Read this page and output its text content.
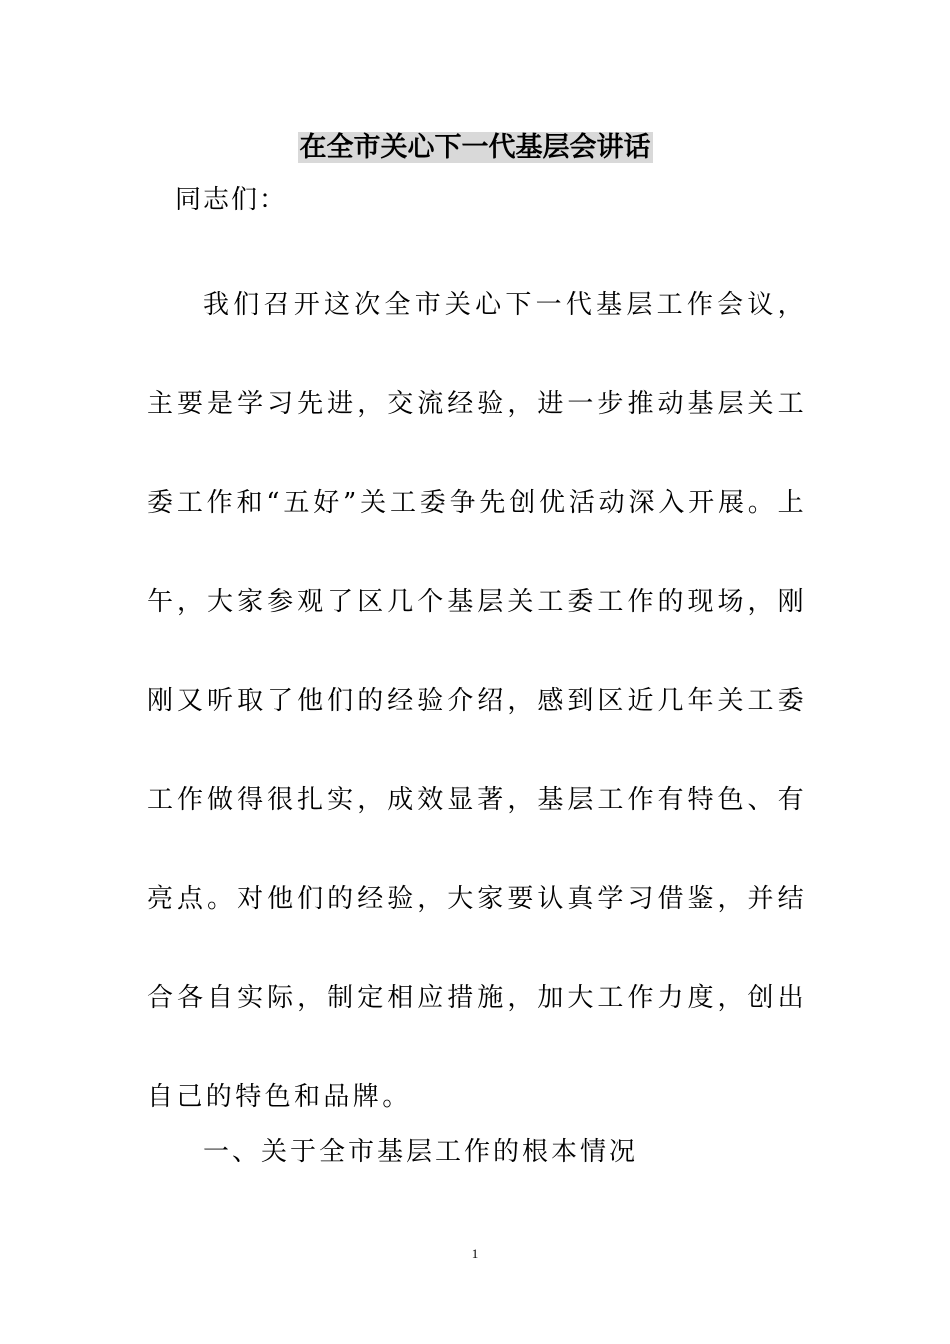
在全市关心下一代基层会讲话
同志们：

我们召开这次全市关心下一代基层工作会议，主要是学习先进，交流经验，进一步推动基层关工委工作和“五好”关工委争先创优活动深入开展。上午，大家参观了区几个基层关工委工作的现场，刚刚又听取了他们的经验介绍，感到区近几年关工委工作做得很扎实，成效显著，基层工作有特色、有亮点。对他们的经验，大家要认真学习借鉴，并结合各自实际，制定相应措施，加大工作力度，创出自己的特色和品牌。

一、关于全市基层工作的根本情况
1
